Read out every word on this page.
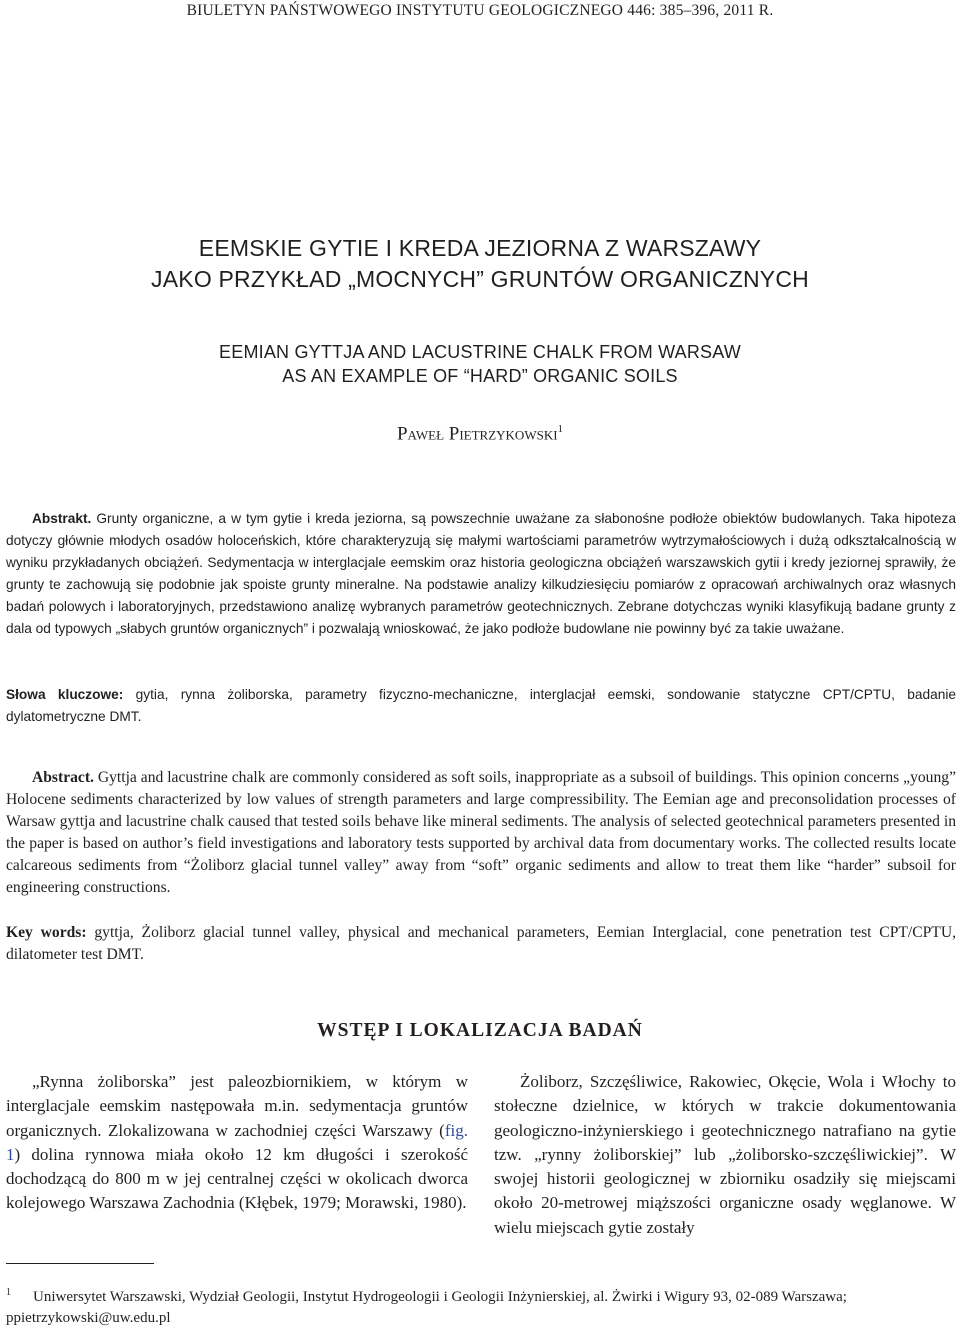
BIULETYN PAŃSTWOWEGO INSTYTUTU GEOLOGICZNEGO 446: 385–396, 2011 R.
EEMSKIE GYTIE I KREDA JEZIORNA Z WARSZAWY
JAKO PRZYKŁAD „MOCNYCH” GRUNTÓW ORGANICZNYCH
EEMIAN GYTTJA AND LACUSTRINE CHALK FROM WARSAW
AS AN EXAMPLE OF “HARD” ORGANIC SOILS
Paweł Pietrzykowski$^1$
Abstrakt. Grunty organiczne, a w tym gytie i kreda jeziorna, są powszechnie uważane za słabonośne podłoże obiektów budowlanych. Taka hipoteza dotyczy głównie młodych osadów holoceńskich, które charakteryzują się małymi wartościami parametrów wytrzymałościowych i dużą odkształcalnością w wyniku przykładanych obciążeń. Sedymentacja w interglacjale eemskim oraz historia geologiczna obciążeń warszawskich gytii i kredy jeziornej sprawiły, że grunty te zachowują się podobnie jak spoiste grunty mineralne. Na podstawie analizy kilkudziesięciu pomiarów z opracowań archiwalnych oraz własnych badań polowych i laboratoryjnych, przedstawiono analizę wybranych parametrów geotechnicznych. Zebrane dotychczas wyniki klasyfikują badane grunty z dala od typowych „słabych gruntów organicznych” i pozwalają wnioskować, że jako podłoże budowlane nie powinny być za takie uważane.
Słowa kluczowe: gytia, rynna żoliborska, parametry fizyczno-mechaniczne, interglacjał eemski, sondowanie statyczne CPT/CPTU, badanie dylatometryczne DMT.
Abstract. Gyttja and lacustrine chalk are commonly considered as soft soils, inappropriate as a subsoil of buildings. This opinion concerns „young” Holocene sediments characterized by low values of strength parameters and large compressibility. The Eemian age and preconsolidation processes of Warsaw gyttja and lacustrine chalk caused that tested soils behave like mineral sediments. The analysis of selected geotechnical parameters presented in the paper is based on author’s field investigations and laboratory tests supported by archival data from documentary works. The collected results locate calcareous sediments from “Żoliborz glacial tunnel valley” away from “soft” organic sediments and allow to treat them like “harder” subsoil for engineering constructions.
Key words: gyttja, Żoliborz glacial tunnel valley, physical and mechanical parameters, Eemian Interglacial, cone penetration test CPT/CPTU, dilatometer test DMT.
WSTĘP I LOKALIZACJA BADAŃ
„Rynna żoliborska” jest paleozbiornikiem, w którym w interglacjale eemskim następowała m.in. sedymentacja gruntów organicznych. Zlokalizowana w zachodniej części Warszawy (fig. 1) dolina rynnowa miała około 12 km długości i szerokość dochodzącą do 800 m w jej centralnej części w okolicach dworca kolejowego Warszawa Zachodnia (Kłębek, 1979; Morawski, 1980).
Żoliborz, Szczęśliwice, Rakowiec, Okęcie, Wola i Włochy to stołeczne dzielnice, w których w trakcie dokumentowania geologiczno-inżynierskiego i geotechnicznego natrafiano na gytie tzw. „rynny żoliborskiej” lub „żoliborsko-szczęśliwickiej”. W swojej historii geologicznej w zbiorniku osadziły się miejscami około 20-metrowej miąższości organiczne osady węglanowe. W wielu miejscach gytie zostały
$^1$ Uniwersytet Warszawski, Wydział Geologii, Instytut Hydrogeologii i Geologii Inżynierskiej, al. Żwirki i Wigury 93, 02-089 Warszawa; ppietrzykowski@uw.edu.pl
